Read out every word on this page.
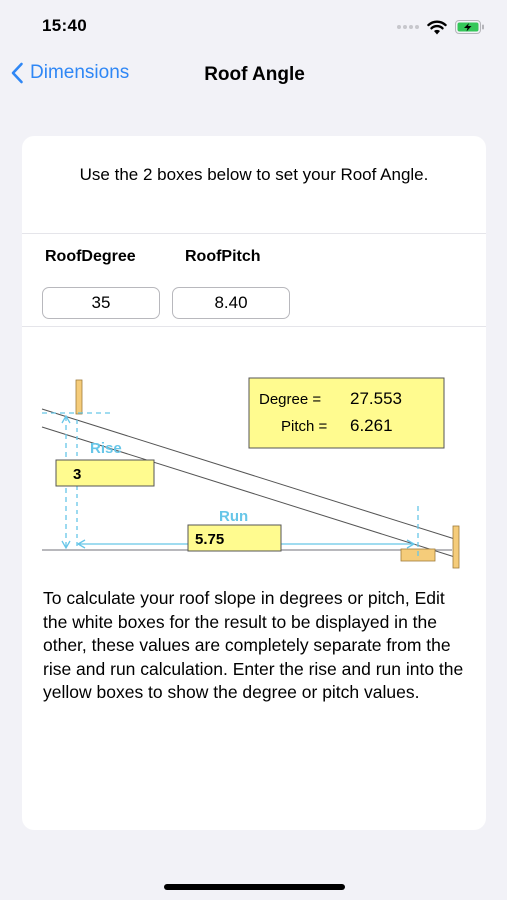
15:40
Dimensions	Roof Angle
Use the 2 boxes below to set your Roof Angle.
RoofDegree	RoofPitch
35	8.40
Rise
3
Run
5.75
Degree = 27.553
Pitch = 6.261
To calculate your roof slope in degrees or pitch, Edit the white boxes for the result to be displayed in the other, these values are completely separate from the rise and run calculation. Enter the rise and run into the yellow boxes to show the degree or pitch values.
